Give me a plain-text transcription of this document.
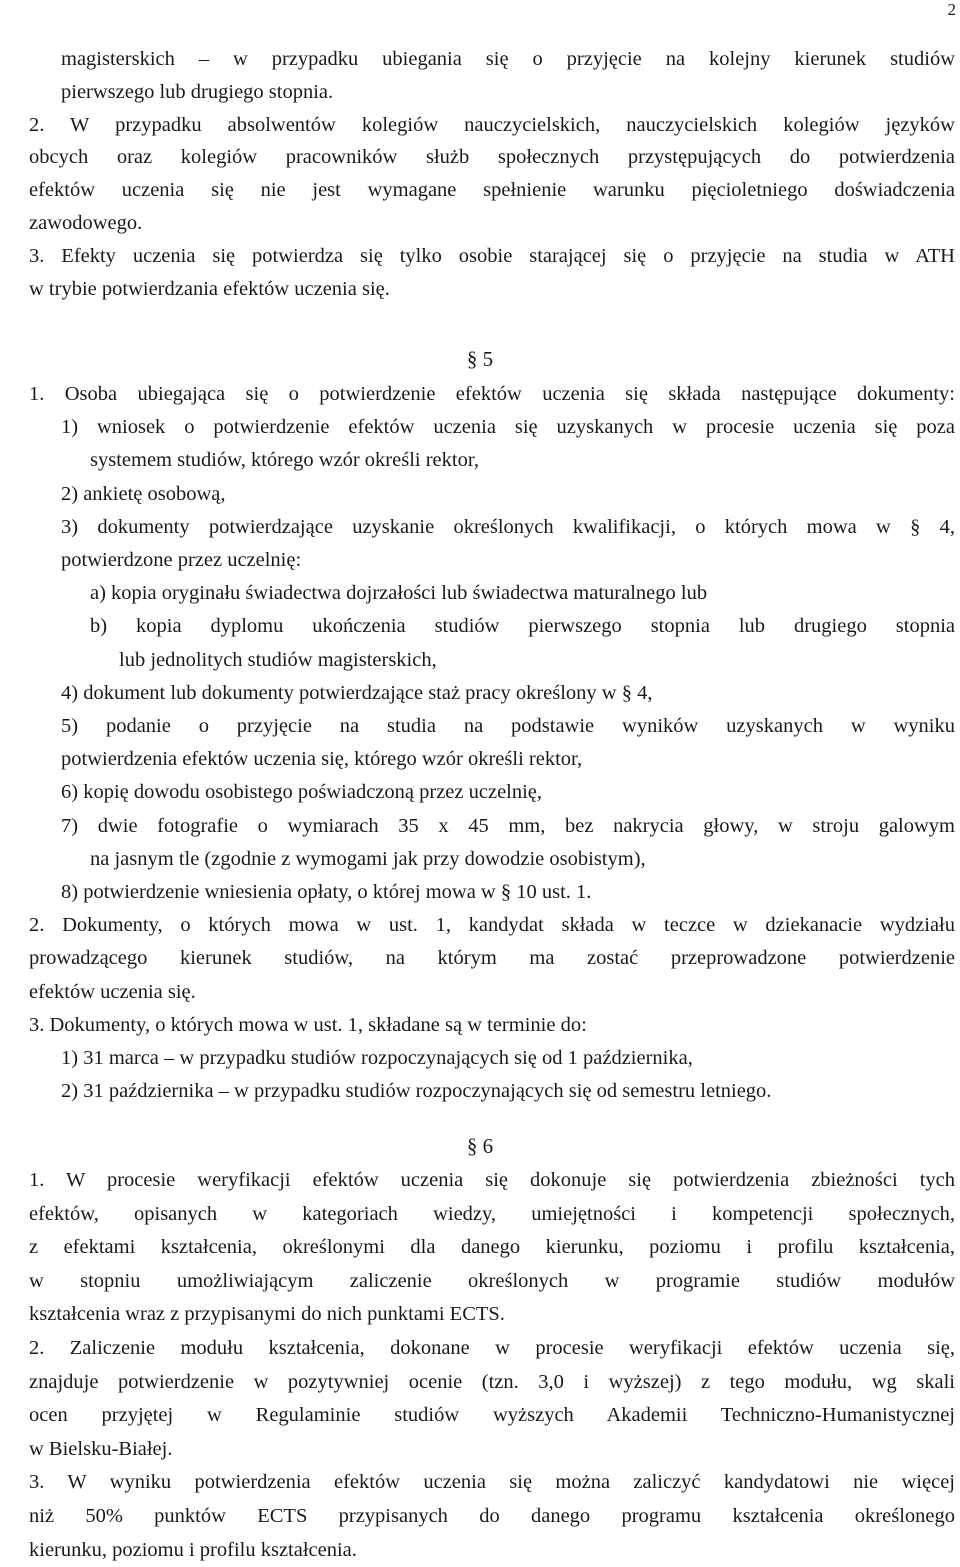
2

magisterskich – w przypadku ubiegania się o przyjęcie na kolejny kierunek studiów

pierwszego lub drugiego stopnia.

2. W przypadku absolwentów kolegiów nauczycielskich, nauczycielskich kolegiów języków

obcych oraz kolegiów pracowników służb społecznych przystępujących do potwierdzenia

efektów uczenia się nie jest wymagane spełnienie warunku pięcioletniego doświadczenia

zawodowego.

3. Efekty uczenia się potwierdza się tylko osobie starającej się o przyjęcie na studia w ATH

w trybie potwierdzania efektów uczenia się.

§ 5

1. Osoba ubiegająca się o potwierdzenie efektów uczenia się składa następujące dokumenty:

1) wniosek o potwierdzenie efektów uczenia się uzyskanych w procesie uczenia się poza

systemem studiów, którego wzór określi rektor,

2) ankietę osobową,

3) dokumenty potwierdzające uzyskanie określonych kwalifikacji, o których mowa w § 4,

potwierdzone przez uczelnię:

a) kopia oryginału świadectwa dojrzałości lub świadectwa maturalnego lub

b) kopia dyplomu ukończenia studiów pierwszego stopnia lub drugiego stopnia

lub jednolitych studiów magisterskich,

4) dokument lub dokumenty potwierdzające staż pracy określony w § 4,

5) podanie o przyjęcie na studia na podstawie wyników uzyskanych w wyniku

potwierdzenia efektów uczenia się, którego wzór określi rektor,

6) kopię dowodu osobistego poświadczoną przez uczelnię,

7) dwie fotografie o wymiarach 35 x 45 mm, bez nakrycia głowy, w stroju galowym

na jasnym tle (zgodnie z wymogami jak przy dowodzie osobistym),

8) potwierdzenie wniesienia opłaty, o której mowa w § 10 ust. 1.

2. Dokumenty, o których mowa w ust. 1, kandydat składa w teczce w dziekanacie wydziału

prowadzącego kierunek studiów, na którym ma zostać przeprowadzone potwierdzenie

efektów uczenia się.

3. Dokumenty, o których mowa w ust. 1, składane są w terminie do:

1) 31 marca – w przypadku studiów rozpoczynających się od 1 października,

2) 31 października – w przypadku studiów rozpoczynających się od semestru letniego.

§ 6

1. W procesie weryfikacji efektów uczenia się dokonuje się potwierdzenia zbieżności tych

efektów, opisanych w kategoriach wiedzy, umiejętności i kompetencji społecznych,

z efektami kształcenia, określonymi dla danego kierunku, poziomu i profilu kształcenia,

w stopniu umożliwiającym zaliczenie określonych w programie studiów modułów

kształcenia wraz z przypisanymi do nich punktami ECTS.

2. Zaliczenie modułu kształcenia, dokonane w procesie weryfikacji efektów uczenia się,

znajduje potwierdzenie w pozytywniej ocenie (tzn. 3,0 i wyższej) z tego modułu, wg skali

ocen przyjętej w Regulaminie studiów wyższych Akademii Techniczno-Humanistycznej

w Bielsku-Białej.

3. W wyniku potwierdzenia efektów uczenia się można zaliczyć kandydatowi nie więcej

niż 50% punktów ECTS przypisanych do danego programu kształcenia określonego

kierunku, poziomu i profilu kształcenia.
